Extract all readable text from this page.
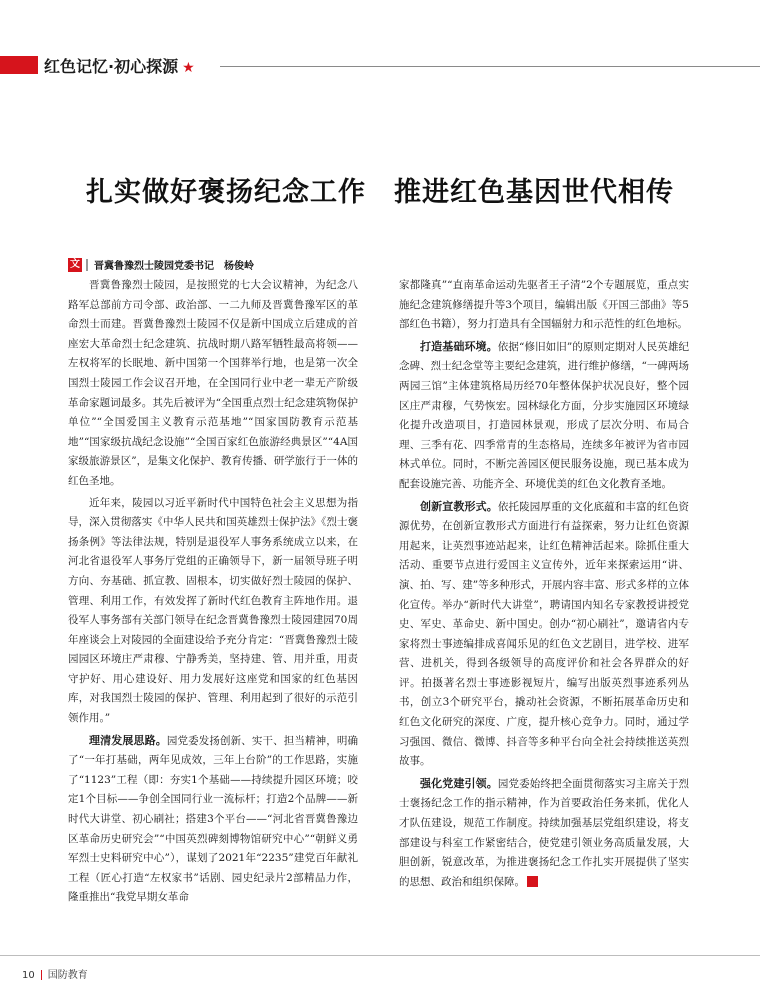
红色记忆·初心探源 ★
扎实做好褒扬纪念工作　推进红色基因世代相传
文 晋冀鲁豫烈士陵园党委书记　杨俊岭

晋冀鲁豫烈士陵园，是按照党的七大会议精神，为纪念八路军总部前方司令部、政治部、一二九师及晋冀鲁豫军区的革命烈士而建。晋冀鲁豫烈士陵园不仅是新中国成立后建成的首座宏大革命烈士纪念建筑、抗战时期八路军牺牲最高将领——左权将军的长眠地、新中国第一个国葬举行地，也是第一次全国烈士陵园工作会议召开地，在全国同行业中老一辈无产阶级革命家题词最多。其先后被评为“全国重点烈士纪念建筑物保护单位”“全国爱国主义教育示范基地”“国家国防教育示范基地”“国家级抗战纪念设施”“全国百家红色旅游经典景区”“4A国家级旅游景区”，是集文化保护、教育传播、研学旅行于一体的红色圣地。

近年来，陵园以习近平新时代中国特色社会主义思想为指导，深入贯彻落实《中华人民共和国英雄烈士保护法》《烈士褒扬条例》等法律法规，特别是退役军人事务系统成立以来，在河北省退役军人事务厅党组的正确领导下，新一届领导班子明方向、夯基础、抓宣教、固根本，切实做好烈士陵园的保护、管理、利用工作，有效发挥了新时代红色教育主阵地作用。退役军人事务部有关部门领导在纪念晋冀鲁豫烈士陵园建园70周年座谈会上对陵园的全面建设给予充分肯定：“晋冀鲁豫烈士陵园园区环境庄严肃穆、宁静秀美，坚持建、管、用并重，用责守护好、用心建设好、用力发展好这座党和国家的红色基因库，对我国烈士陵园的保护、管理、利用起到了很好的示范引领作用。”

理清发展思路。园党委发扬创新、实干、担当精神，明确了“一年打基础，两年见成效，三年上台阶”的工作思路，实施了“1123”工程（即：夯实1个基础——持续提升园区环境；咬定1个目标——争创全国同行业一流标杆；打造2个品牌——新时代大讲堂、初心刷社；搭建3个平台——“河北省晋冀鲁豫边区革命历史研究会”“中国英烈碑刻博物馆研究中心”“朝鲜义勇军烈士史料研究中心”），谋划了2021年“2235”建党百年献礼工程（匠心打造“左权家书”话剧、园史纪录片2部精品力作，隆重推出“我党早期女革命

家都隆真”“直南革命运动先驱者王子清”2个专题展览，重点实施纪念建筑修缮提升等3个项目，编辑出版《开国三部曲》等5部红色书籍），努力打造具有全国辐射力和示范性的红色地标。

打造基础环境。依据“修旧如旧”的原则定期对人民英雄纪念碑、烈士纪念堂等主要纪念建筑，进行维护修缮，“一碑两场两园三馆”主体建筑格局历经70年整体保护状况良好，整个园区庄严肃穆，气势恢宏。园林绿化方面，分步实施园区环境绿化提升改造项目，打造园林景观，形成了层次分明、布局合理、三季有花、四季常青的生态格局，连续多年被评为省市园林式单位。同时，不断完善园区便民服务设施，现已基本成为配套设施完善、功能齐全、环境优美的红色文化教育圣地。

创新宣教形式。依托陵园厚重的文化底蕴和丰富的红色资源优势，在创新宣教形式方面进行有益探索，努力让红色资源用起来，让英烈事迹站起来，让红色精神活起来。除抓住重大活动、重要节点进行爱国主义宣传外，近年来探索运用“讲、演、拍、写、建”等多种形式，开展内容丰富、形式多样的立体化宣传。举办“新时代大讲堂”，聘请国内知名专家教授讲授党史、军史、革命史、新中国史。创办“初心刷社”，邀请省内专家将烈士事迹编排成喜闻乐见的红色文艺剧目，进学校、进军营、进机关，得到各级领导的高度评价和社会各界群众的好评。拍摄著名烈士事迹影视短片，编写出版英烈事迹系列丛书，创立3个研究平台，撬动社会资源，不断拓展革命历史和红色文化研究的深度、广度，提升核心竞争力。同时，通过学习强国、微信、微博、抖音等多种平台向全社会持续推送英烈故事。

强化党建引领。园党委始终把全面贯彻落实习主席关于烈士褒扬纪念工作的指示精神，作为首要政治任务来抓，优化人才队伍建设，规范工作制度。持续加强基层党组织建设，将支部建设与科室工作紧密结合，使党建引领业务高质量发展，大胆创新，锐意改革，为推进褒扬纪念工作扎实开展提供了坚实的思想、政治和组织保障。	G

10 国防教育
